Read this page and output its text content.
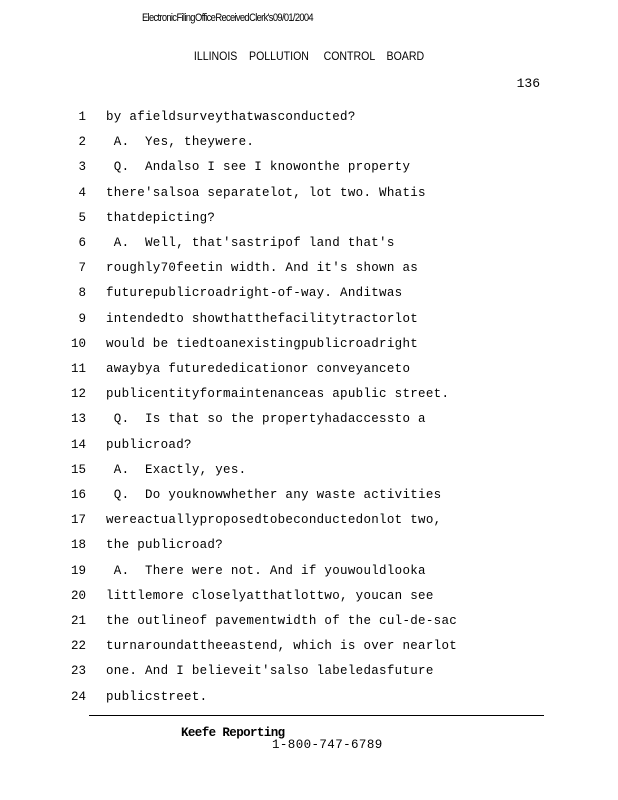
Electronic Filing Office Received Clerk's 09/01/2004
ILLINOIS    POLLUTION     CONTROL    BOARD
136
1 by afieldsurveythatwasconducted?
2 A.  Yes, theywere.
3 Q.  Andalso I see I knowonthe property
4 there'salsoa separatelot, lot two. Whatis
5 thatdepicting?
6 A.  Well, that'sastripof land that's
7 roughly70feetin width. And it's shown as
8 futurepublicroadright-of-way. Anditwas
9 intendedto showthatthefacilitytractorlot
10 would be tiedtoanexistingpublicroadright
11 awaybya futurededicationor conveyanceto
12 publicentityformaintenanceas apublic street.
13 Q.  Is that so the propertyhadaccessto a
14 publicroad?
15 A.  Exactly, yes.
16 Q.  Do youknowwhether any waste activities
17 wereactuallyproposedtobeconductedonlot two,
18 the publicroad?
19 A.  There were not. And if youwouldlooka
20 littlemore closelyatthatlottwo, youcan see
21 the outlineof pavementwidth of the cul-de-sac
22 turnaroundattheeastend, which is over nearlot
23 one. And I believeit'salso labeledasfuture
24 publicstreet.
Keefe Reporting
1-800-747-6789
